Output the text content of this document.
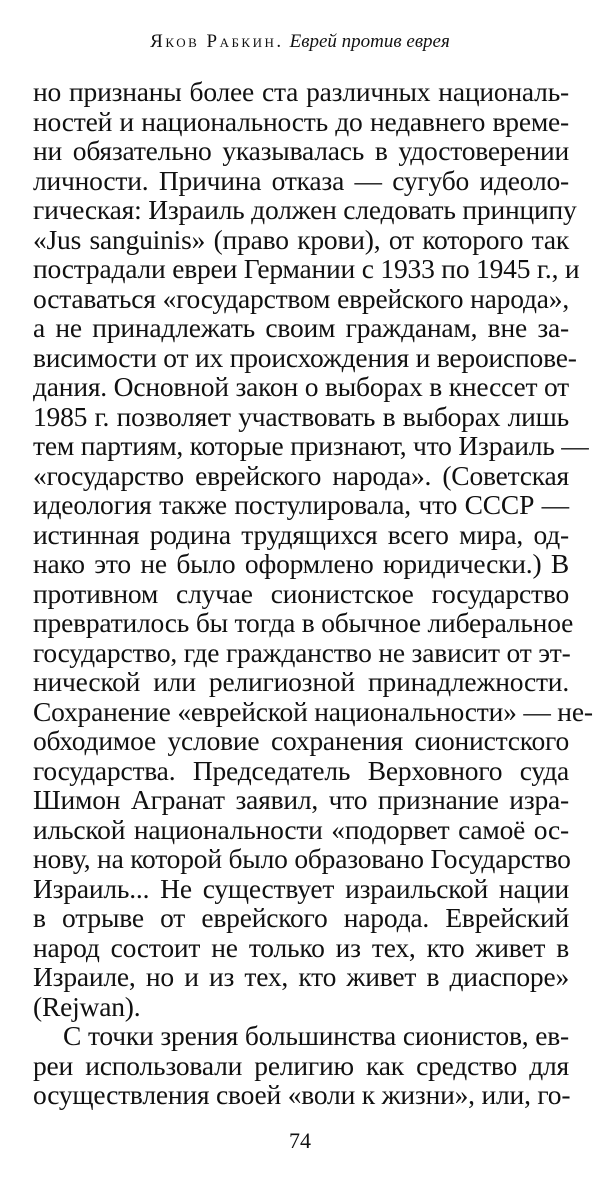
Яков Рабкин. Еврей против еврея
но признаны более ста различных националь-
ностей и национальность до недавнего време-
ни обязательно указывалась в удостоверении
личности. Причина отказа — сугубо идеоло-
гическая: Израиль должен следовать принципу
«Jus sanguinis» (право крови), от которого так
пострадали евреи Германии с 1933 по 1945 г., и
оставаться «государством еврейского народа»,
а не принадлежать своим гражданам, вне за-
висимости от их происхождения и вероиспове-
дания. Основной закон о выборах в кнессет от
1985 г. позволяет участвовать в выборах лишь
тем партиям, которые признают, что Израиль —
«государство еврейского народа». (Советская
идеология также постулировала, что СССР —
истинная родина трудящихся всего мира, од-
нако это не было оформлено юридически.) В
противном случае сионистское государство
превратилось бы тогда в обычное либеральное
государство, где гражданство не зависит от эт-
нической или религиозной принадлежности.
Сохранение «еврейской национальности» — не-
обходимое условие сохранения сионистского
государства. Председатель Верховного суда
Шимон Агранат заявил, что признание изра-
ильской национальности «подорвет самоё ос-
нову, на которой было образовано Государство
Израиль... Не существует израильской нации
в отрыве от еврейского народа. Еврейский
народ состоит не только из тех, кто живет в
Израиле, но и из тех, кто живет в диаспоре»
(Rejwan).
С точки зрения большинства сионистов, ев-
реи использовали религию как средство для
осуществления своей «воли к жизни», или, го-
74
